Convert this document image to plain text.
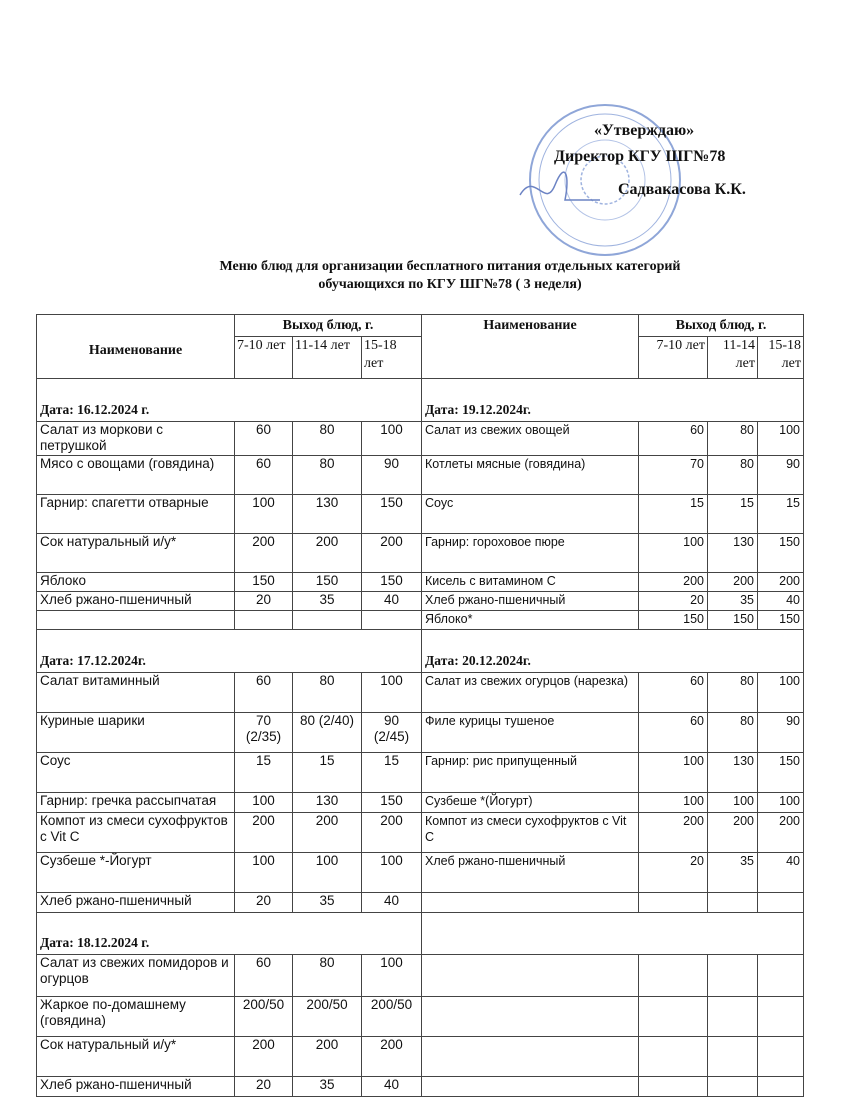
«Утверждаю»
Директор КГУ ШГ№78
Садвакасова К.К.
Меню блюд для организации бесплатного питания отдельных категорий
обучающихся по КГУ ШГ№78 ( 3 неделя)
Наименование	Выход блюд, г.			Наименование	Выход блюд, г.		
	7-10 лет	11-14 лет	15-18 лет		7-10 лет	11-14 лет	15-18 лет
Дата: 16.12.2024 г.				Дата: 19.12.2024г.			
Салат из моркови с петрушкой	60	80	100	Салат из свежих овощей	60	80	100
Мясо с овощами (говядина)	60	80	90	Котлеты мясные (говядина)	70	80	90
Гарнир: спагетти отварные	100	130	150	Соус	15	15	15
Сок натуральный и/у*	200	200	200	Гарнир: гороховое пюре	100	130	150
Яблоко	150	150	150	Кисель с витамином С	200	200	200
Хлеб ржано-пшеничный	20	35	40	Хлеб ржано-пшеничный	20	35	40
				Яблоко*	150	150	150
Дата: 17.12.2024г.				Дата: 20.12.2024г.			
Салат витаминный	60	80	100	Салат из свежих огурцов (нарезка)	60	80	100
Куриные шарики	70 (2/35)	80 (2/40)	90 (2/45)	Филе курицы тушеное	60	80	90
Соус	15	15	15	Гарнир: рис припущенный	100	130	150
Гарнир: гречка рассыпчатая	100	130	150	Сузбеше *(Йогурт)	100	100	100
Компот из смеси сухофруктов с Vit C	200	200	200	Компот из смеси сухофруктов с Vit C	200	200	200
Сузбеше *-Йогурт	100	100	100	Хлеб ржано-пшеничный	20	35	40
Хлеб ржано-пшеничный	20	35	40				
Дата: 18.12.2024 г.							
Салат из свежих помидоров и огурцов	60	80	100				
Жаркое по-домашнему (говядина)	200/50	200/50	200/50				
Сок натуральный и/у*	200	200	200				
Хлеб ржано-пшеничный	20	35	40				
